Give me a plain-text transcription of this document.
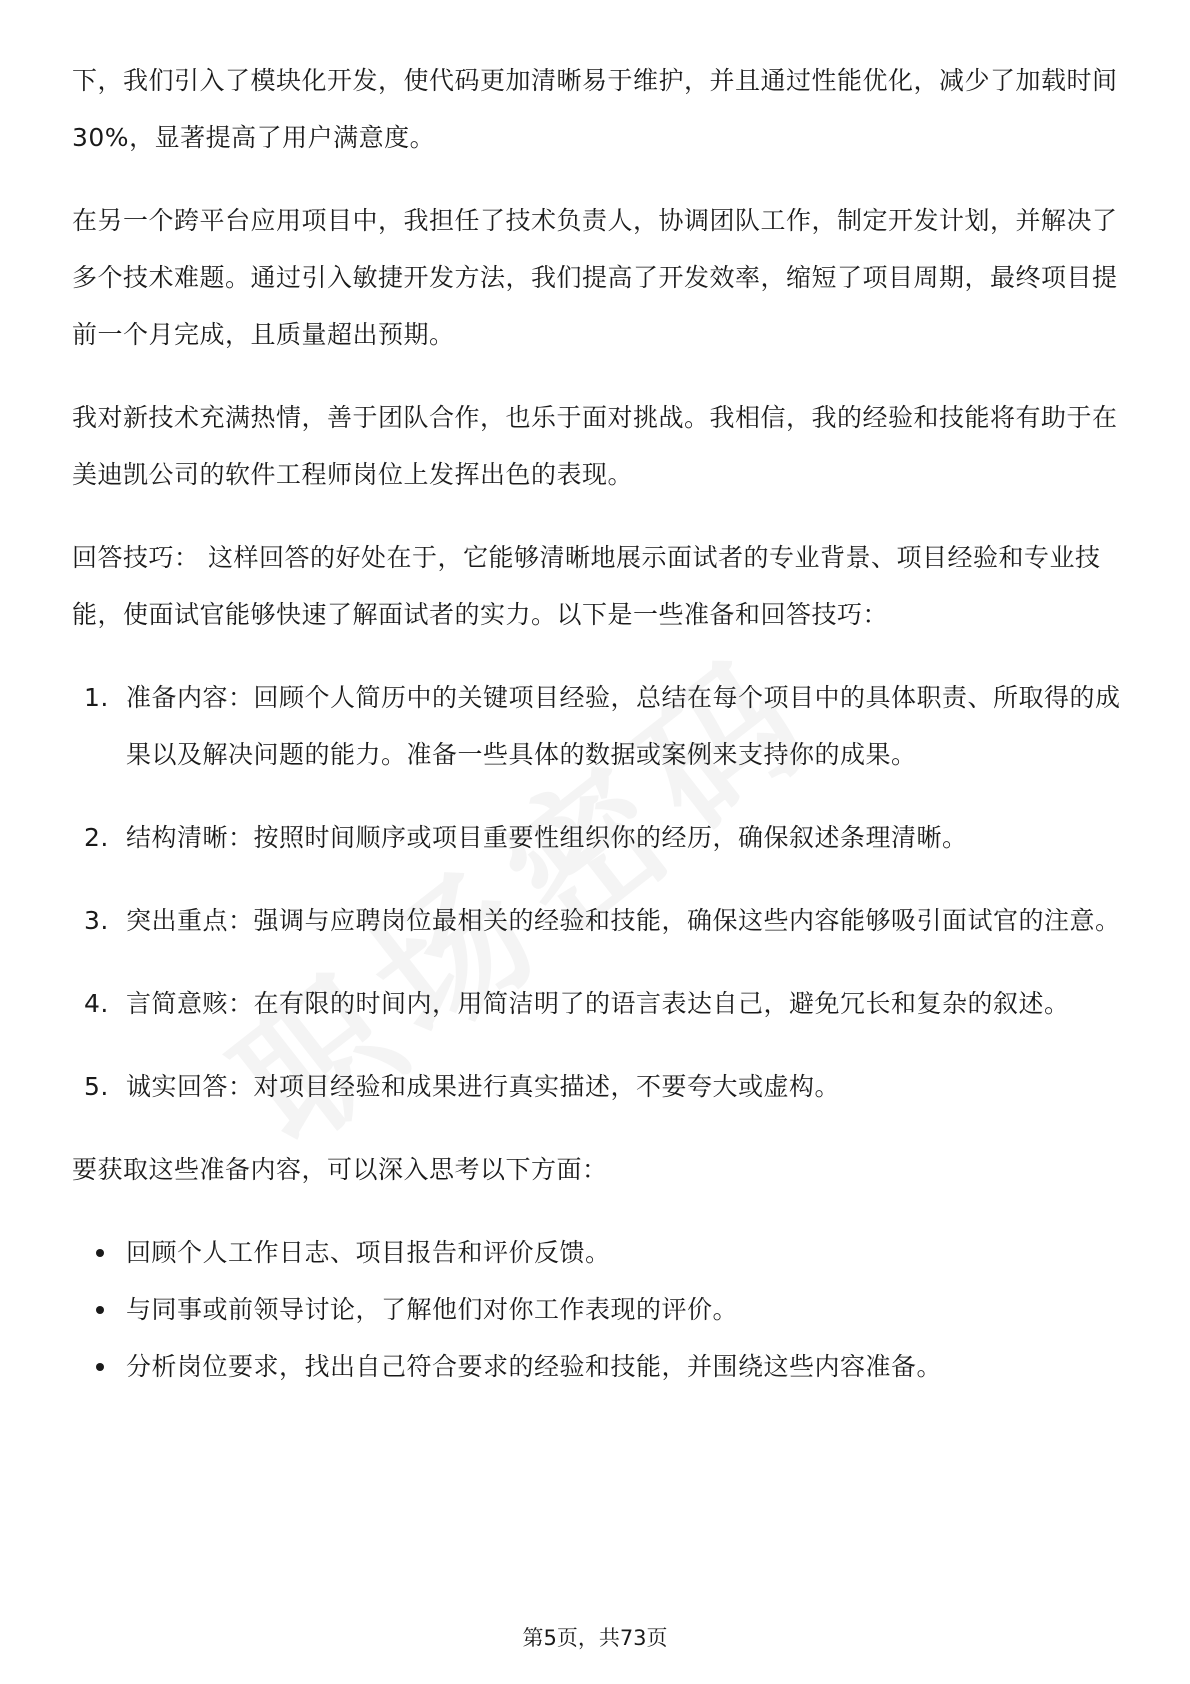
下，我们引入了模块化开发，使代码更加清晰易于维护，并且通过性能优化，减少了加载时间30%，显著提高了用户满意度。

在另一个跨平台应用项目中，我担任了技术负责人，协调团队工作，制定开发计划，并解决了多个技术难题。通过引入敏捷开发方法，我们提高了开发效率，缩短了项目周期，最终项目提前一个月完成，且质量超出预期。

我对新技术充满热情，善于团队合作，也乐于面对挑战。我相信，我的经验和技能将有助于在美迪凯公司的软件工程师岗位上发挥出色的表现。

回答技巧： 这样回答的好处在于，它能够清晰地展示面试者的专业背景、项目经验和专业技能，使面试官能够快速了解面试者的实力。以下是一些准备和回答技巧：

1. 准备内容：回顾个人简历中的关键项目经验，总结在每个项目中的具体职责、所取得的成果以及解决问题的能力。准备一些具体的数据或案例来支持你的成果。
2. 结构清晰：按照时间顺序或项目重要性组织你的经历，确保叙述条理清晰。
3. 突出重点：强调与应聘岗位最相关的经验和技能，确保这些内容能够吸引面试官的注意。
4. 言简意赅：在有限的时间内，用简洁明了的语言表达自己，避免冗长和复杂的叙述。
5. 诚实回答：对项目经验和成果进行真实描述，不要夸大或虚构。

要获取这些准备内容，可以深入思考以下方面：

回顾个人工作日志、项目报告和评价反馈。
与同事或前领导讨论，了解他们对你工作表现的评价。
分析岗位要求，找出自己符合要求的经验和技能，并围绕这些内容准备。
第5页，共73页
